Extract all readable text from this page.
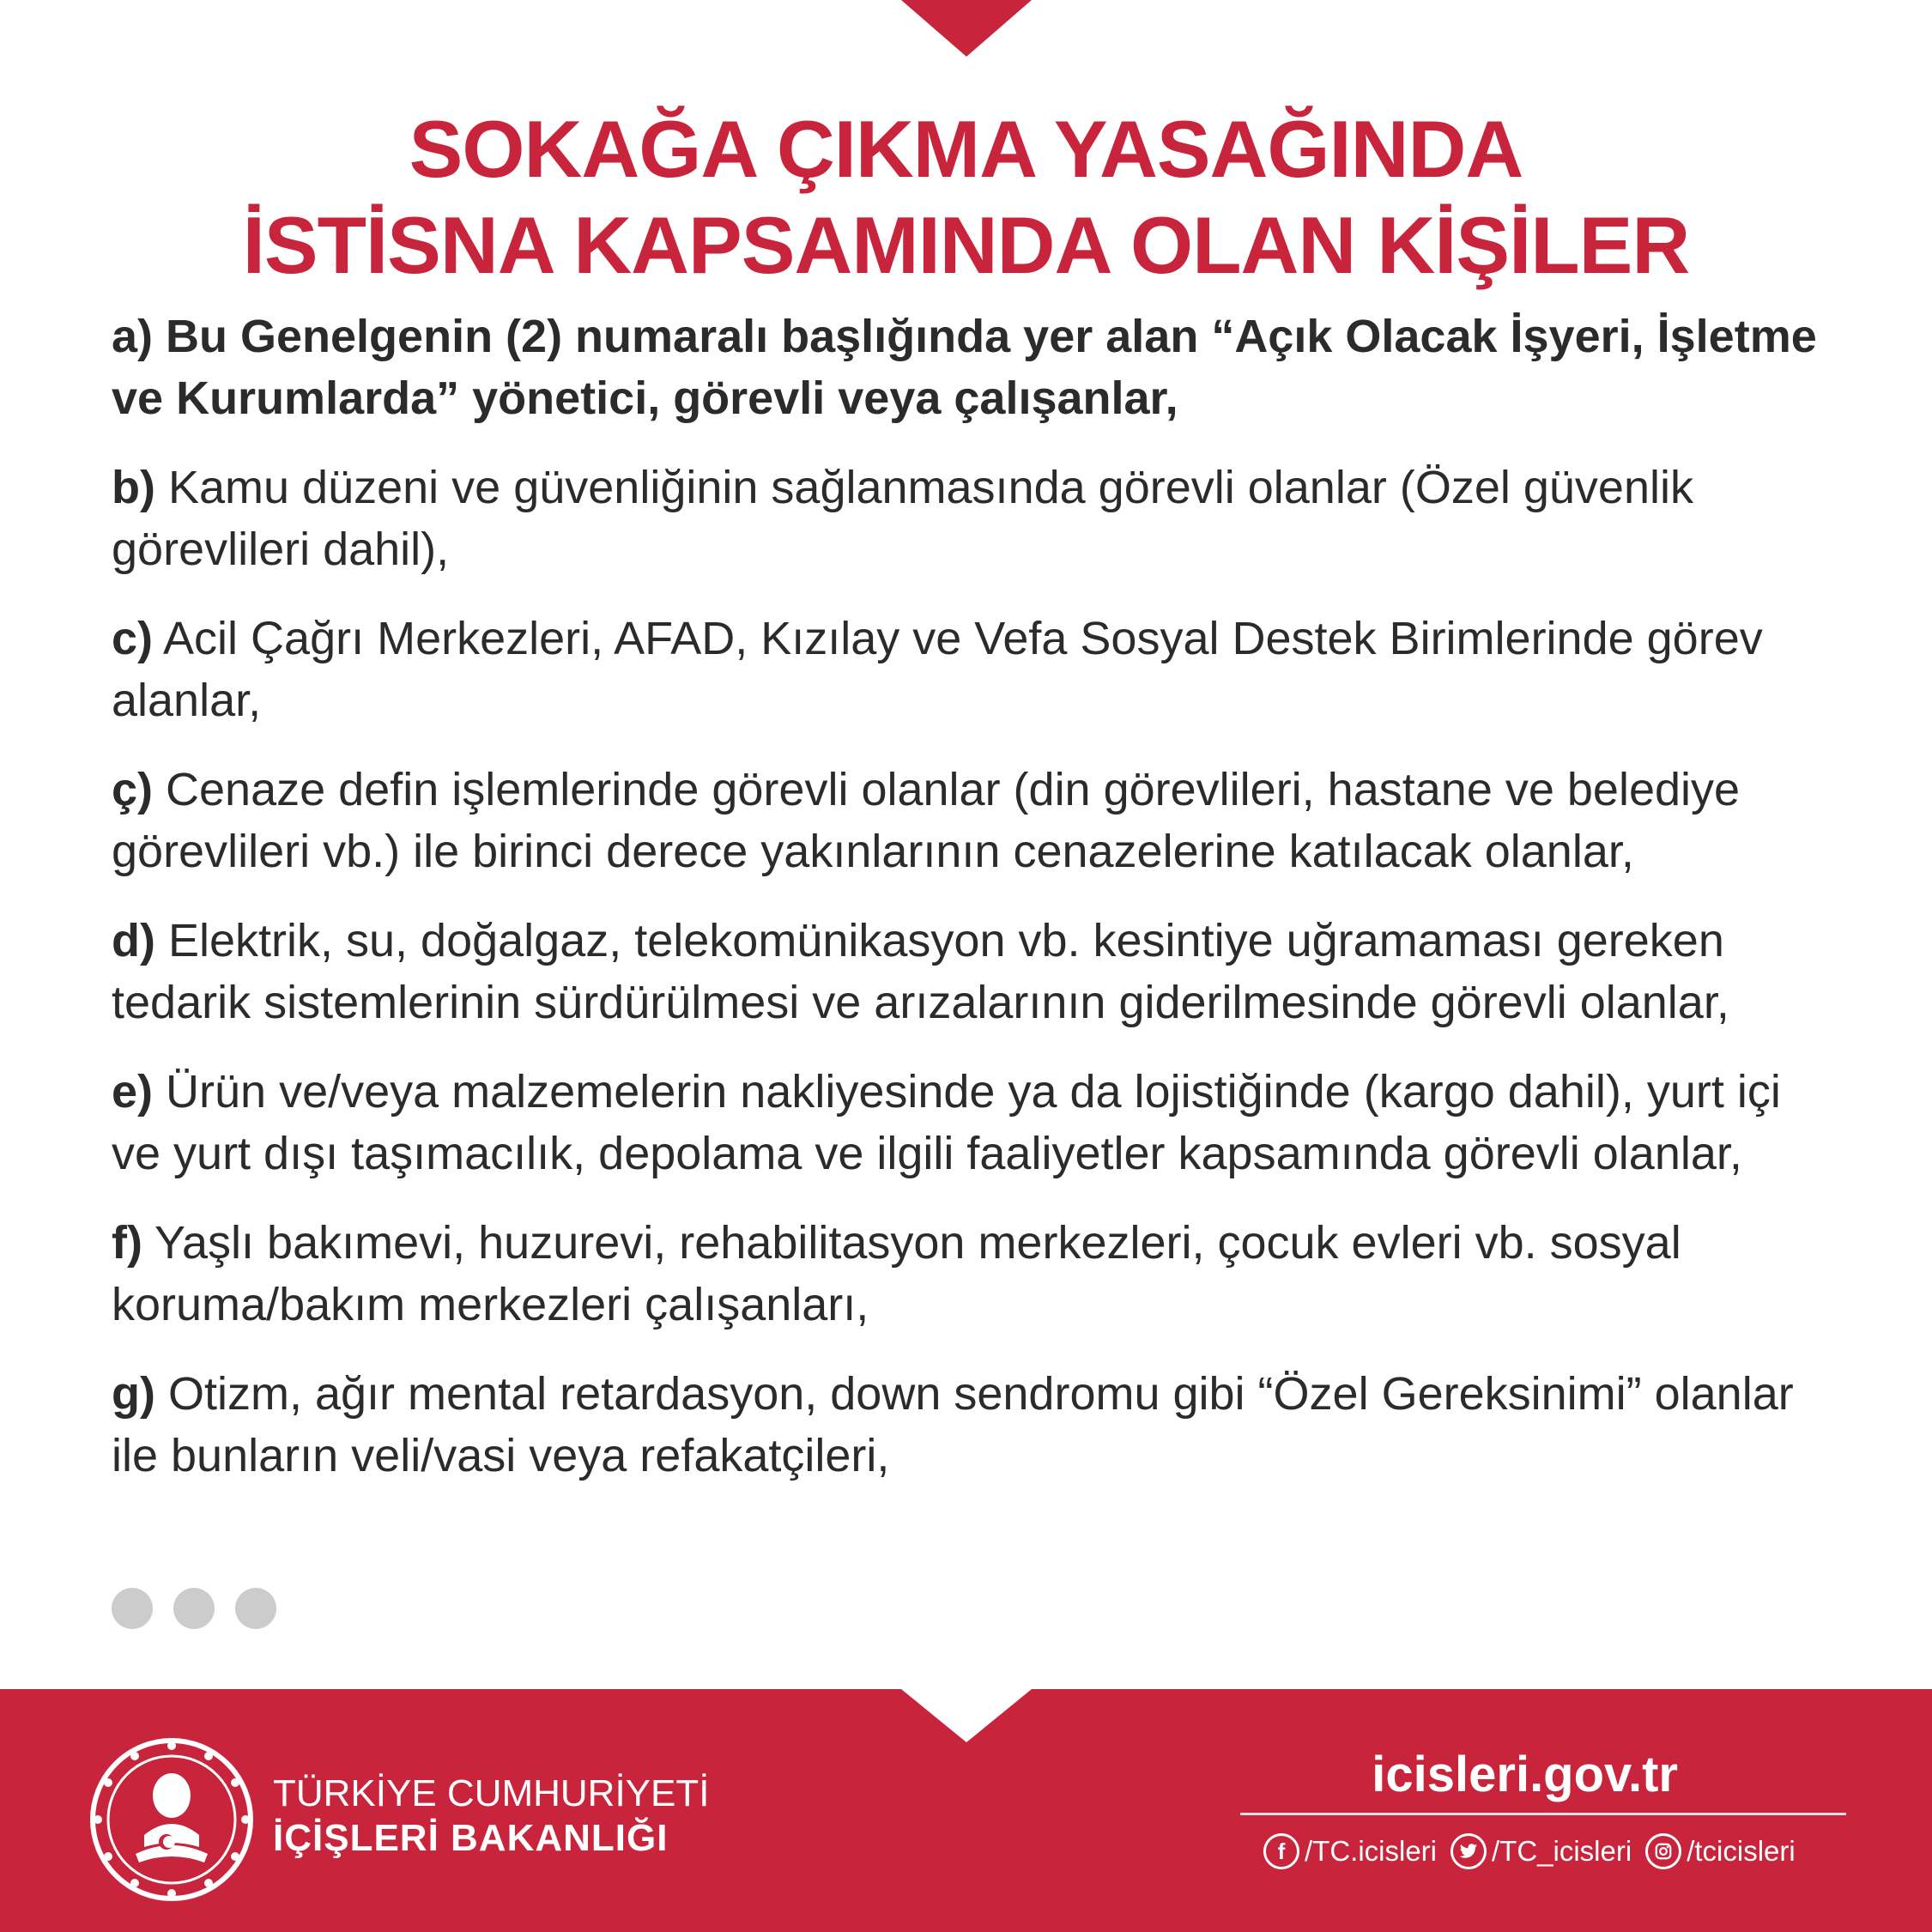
SOKAĞA ÇIKMA YASAĞINDA
İSTİSNA KAPSAMINDA OLAN KİŞİLER
a) Bu Genelgenin (2) numaralı başlığında yer alan “Açık Olacak İşyeri, İşletme ve Kurumlarda” yönetici, görevli veya çalışanlar,
b) Kamu düzeni ve güvenliğinin sağlanmasında görevli olanlar (Özel güvenlik görevlileri dahil),
c) Acil Çağrı Merkezleri, AFAD, Kızılay ve Vefa Sosyal Destek Birimlerinde görev alanlar,
ç) Cenaze defin işlemlerinde görevli olanlar (din görevlileri, hastane ve belediye görevlileri vb.) ile birinci derece yakınlarının cenazelerine katılacak olanlar,
d) Elektrik, su, doğalgaz, telekomünikasyon vb. kesintiye uğramaması gereken tedarik sistemlerinin sürdürülmesi ve arızalarının giderilmesinde görevli olanlar,
e) Ürün ve/veya malzemelerin nakliyesinde ya da lojistiğinde (kargo dahil), yurt içi ve yurt dışı taşımacılık, depolama ve ilgili faaliyetler kapsamında görevli olanlar,
f) Yaşlı bakımevi, huzurevi, rehabilitasyon merkezleri, çocuk evleri vb. sosyal koruma/bakım merkezleri çalışanları,
g) Otizm, ağır mental retardasyon, down sendromu gibi “Özel Gereksinimi” olanlar ile bunların veli/vasi veya refakatçileri,
TÜRKİYE CUMHURİYETİ
İÇİŞLERİ BAKANLIĞI
icisleri.gov.tr
f /TC.icisleri /TC_icisleri /tcicisleri
